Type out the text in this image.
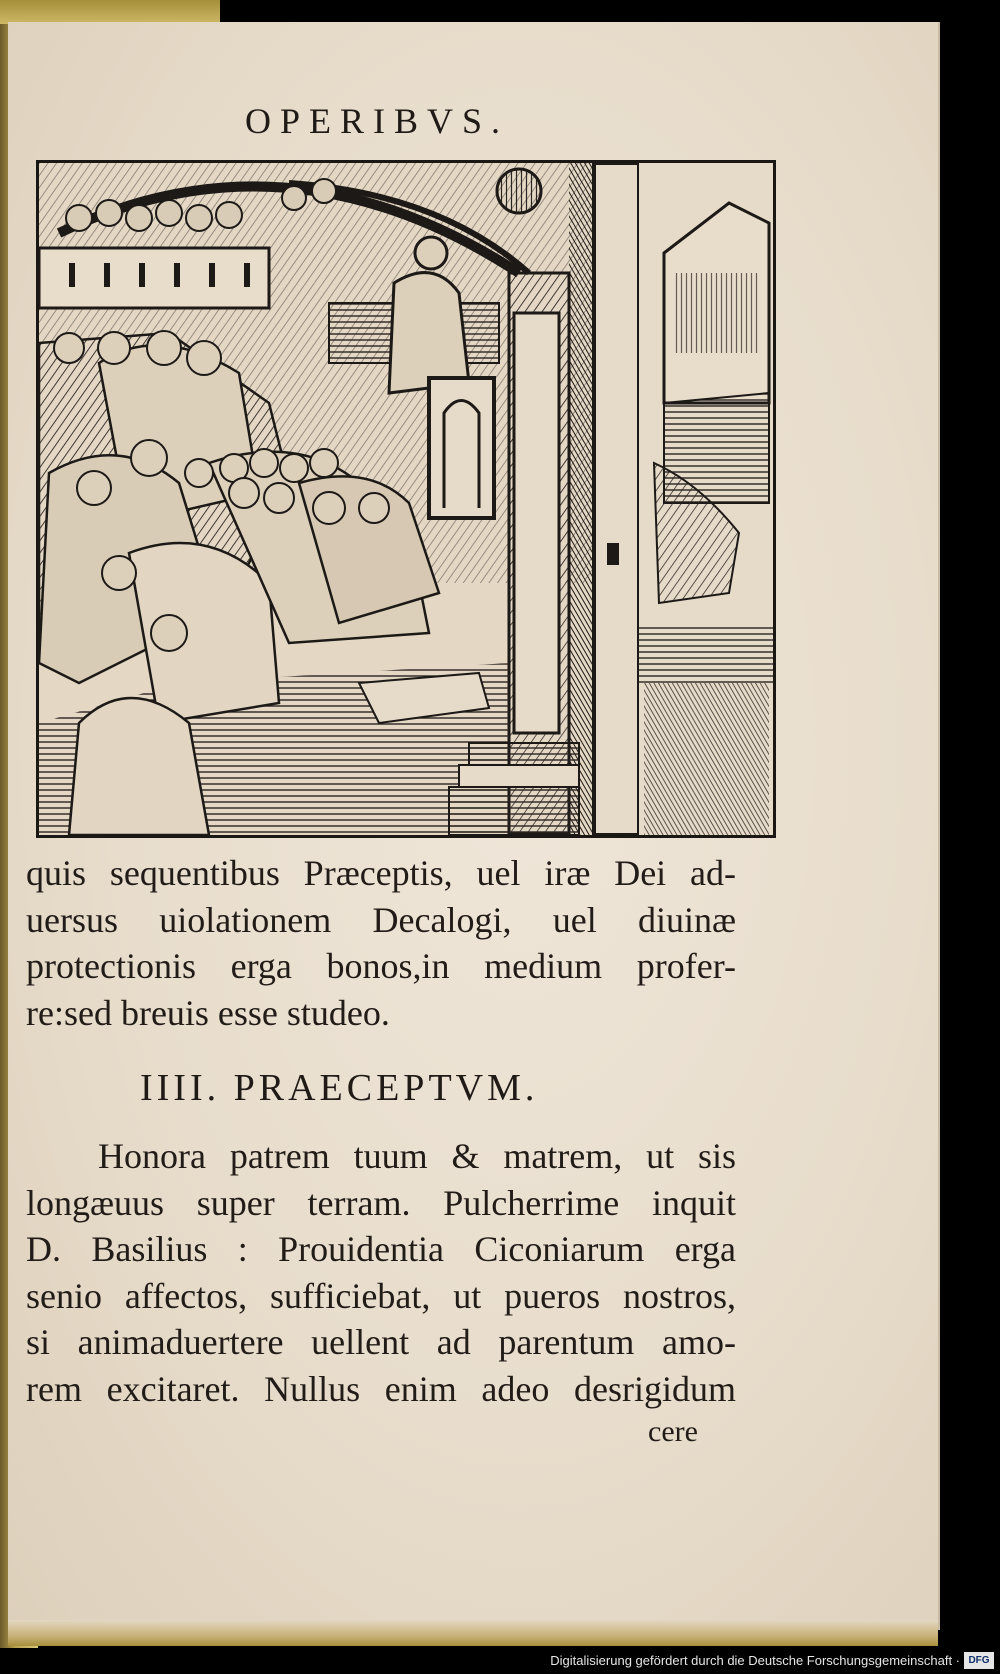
OPERIBVS.
quis sequentibus Præceptis, uel iræ Dei ad-
uersus uiolationem Decalogi, uel diuinæ
protectionis erga bonos,in medium profer-
re:sed breuis esse studeo.
IIII. PRAECEPTVM.
Honora patrem tuum & matrem, ut sis
longæuus super terram. Pulcherrime inquit
D. Basilius : Prouidentia Ciconiarum erga
senio affectos, sufficiebat, ut pueros nostros,
si animaduertere uellent ad parentum amo-
rem excitaret. Nullus enim adeo desrigidum
cere
Digitalisierung gefördert durch die Deutsche Forschungsgemeinschaft · DFG
